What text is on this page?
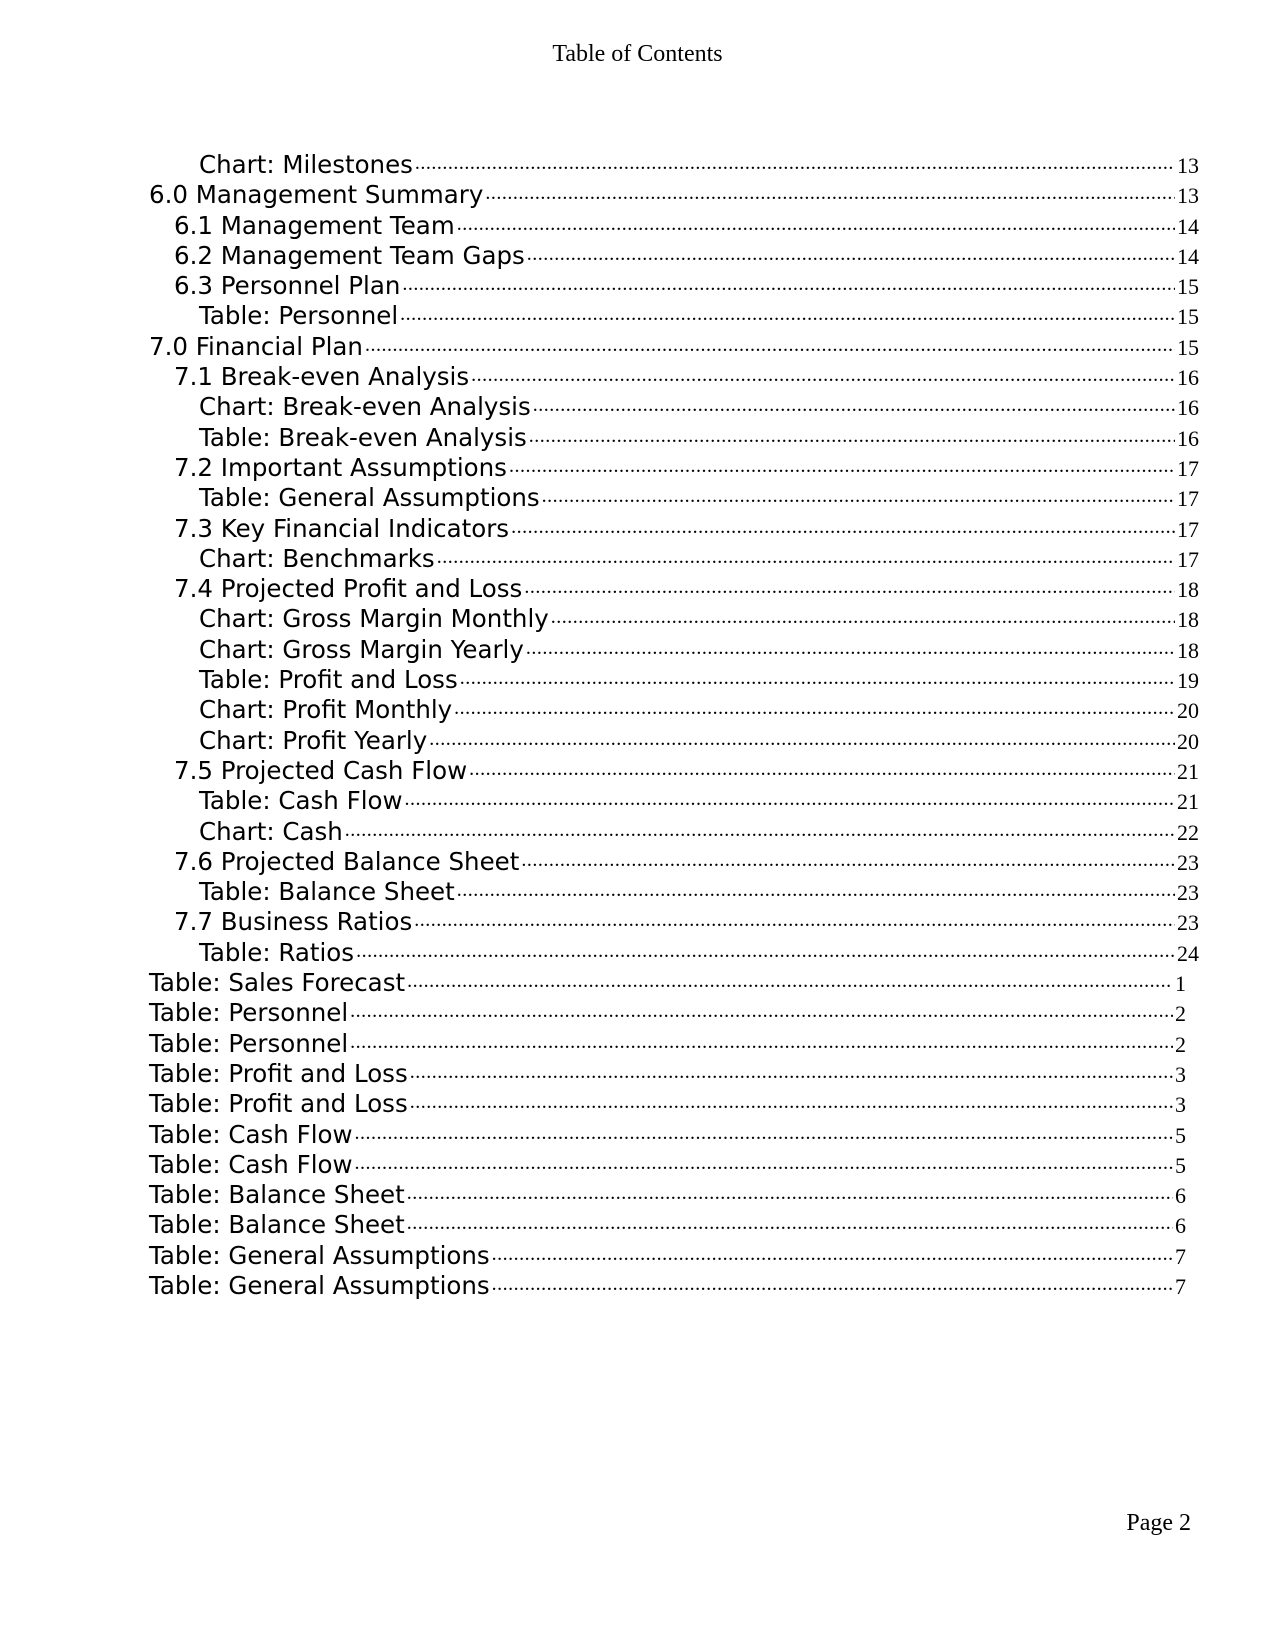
Table of Contents
Chart: Milestones .....	13
6.0 Management Summary .....	13
6.1 Management Team .....	14
6.2 Management Team Gaps .....	14
6.3 Personnel Plan .....	15
Table: Personnel .....	15
7.0 Financial Plan .....	15
7.1 Break-even Analysis .....	16
Chart: Break-even Analysis .....	16
Table: Break-even Analysis .....	16
7.2 Important Assumptions .....	17
Table: General Assumptions .....	17
7.3 Key Financial Indicators .....	17
Chart: Benchmarks .....	17
7.4 Projected Profit and Loss .....	18
Chart: Gross Margin Monthly .....	18
Chart: Gross Margin Yearly .....	18
Table: Profit and Loss .....	19
Chart: Profit Monthly .....	20
Chart: Profit Yearly .....	20
7.5 Projected Cash Flow .....	21
Table: Cash Flow .....	21
Chart: Cash .....	22
7.6 Projected Balance Sheet .....	23
Table: Balance Sheet .....	23
7.7 Business Ratios .....	23
Table: Ratios .....	24
Table: Sales Forecast .....	1
Table: Personnel .....	2
Table: Personnel .....	2
Table: Profit and Loss .....	3
Table: Profit and Loss .....	3
Table: Cash Flow .....	5
Table: Cash Flow .....	5
Table: Balance Sheet .....	6
Table: Balance Sheet .....	6
Table: General Assumptions .....	7
Table: General Assumptions .....	7
Page 2
